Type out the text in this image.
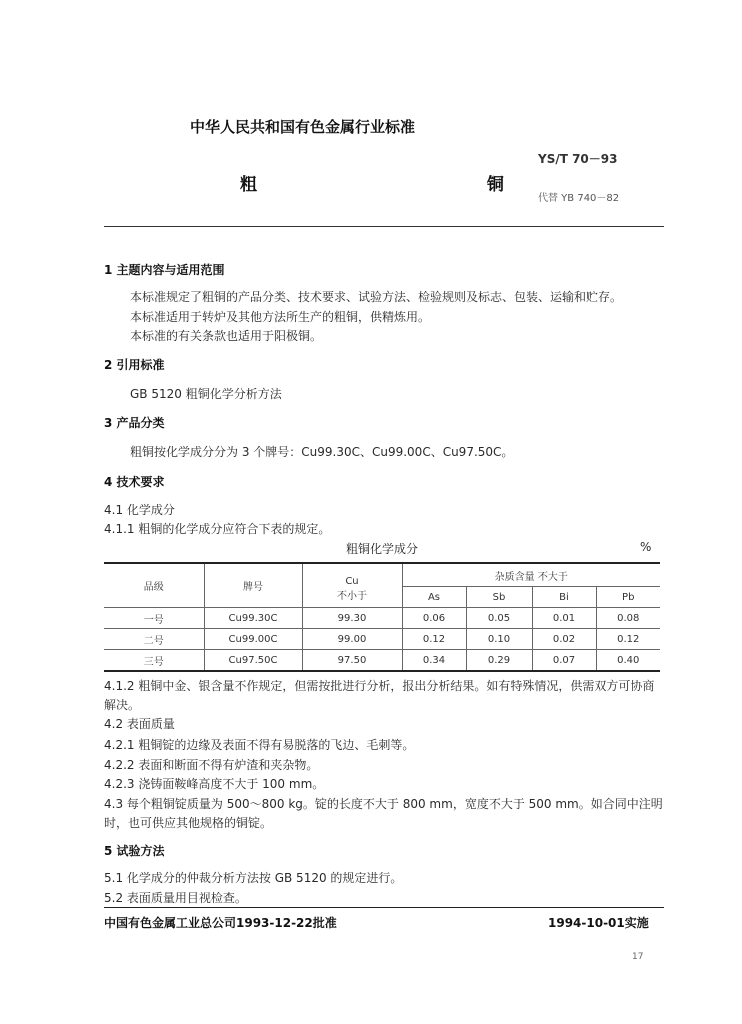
中华人民共和国有色金属行业标准
YS/T 70－93
粗 铜
代替 YB 740－82
1 主题内容与适用范围
本标准规定了粗铜的产品分类、技术要求、试验方法、检验规则及标志、包装、运输和贮存。
本标准适用于转炉及其他方法所生产的粗铜，供精炼用。
本标准的有关条款也适用于阳极铜。
2 引用标准
GB 5120 粗铜化学分析方法
3 产品分类
粗铜按化学成分分为 3 个牌号：Cu99.30C、Cu99.00C、Cu97.50C。
4 技术要求
4.1 化学成分
4.1.1 粗铜的化学成分应符合下表的规定。
粗铜化学成分	%
品级	牌号	Cu	杂质含量 不大于			
		不小于	As	Sb	Bi	Pb
一号	Cu99.30C	99.30	0.06	0.05	0.01	0.08
二号	Cu99.00C	99.00	0.12	0.10	0.02	0.12
三号	Cu97.50C	97.50	0.34	0.29	0.07	0.40
4.1.2 粗铜中金、银含量不作规定，但需按批进行分析，报出分析结果。如有特殊情况，供需双方可协商
解决。
4.2 表面质量
4.2.1 粗铜锭的边缘及表面不得有易脱落的飞边、毛刺等。
4.2.2 表面和断面不得有炉渣和夹杂物。
4.2.3 浇铸面鞍峰高度不大于 100 mm。
4.3 每个粗铜锭质量为 500～800 kg。锭的长度不大于 800 mm，宽度不大于 500 mm。如合同中注明
时，也可供应其他规格的铜锭。
5 试验方法
5.1 化学成分的仲裁分析方法按 GB 5120 的规定进行。
5.2 表面质量用目视检查。
中国有色金属工业总公司1993-12-22批准	1994-10-01实施
17
